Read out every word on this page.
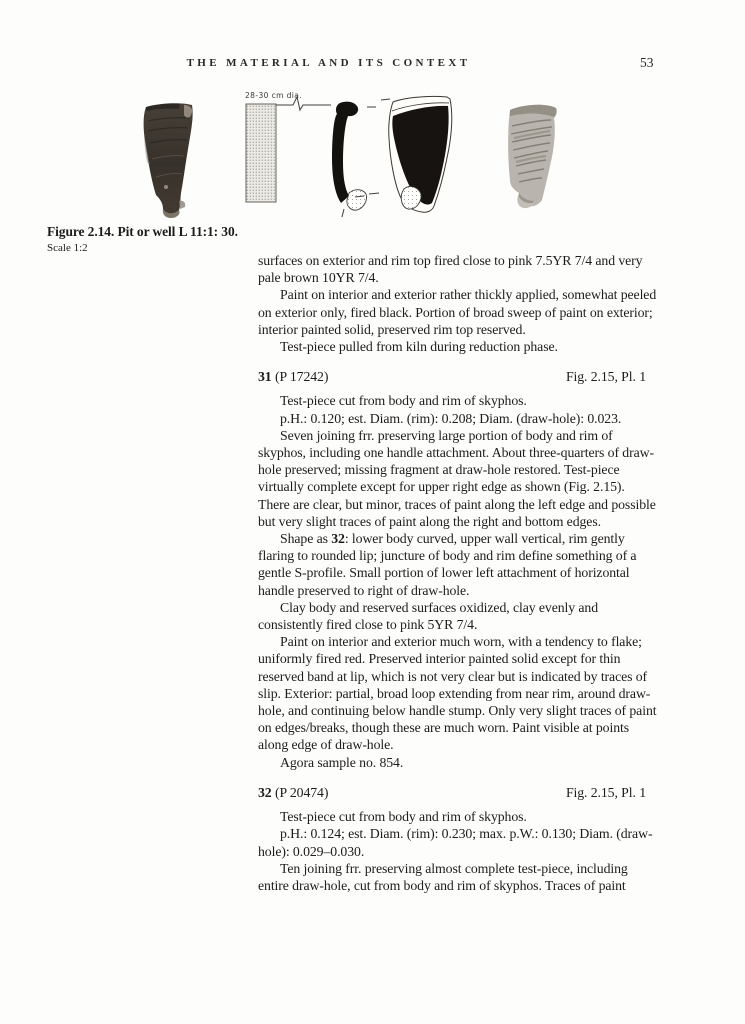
THE MATERIAL AND ITS CONTEXT	53
28-30 cm dia.
Figure 2.14. Pit or well L 11:1: 30.
Scale 1:2

surfaces on exterior and rim top fired close to pink 7.5YR 7/4 and very pale brown 10YR 7/4.

Paint on interior and exterior rather thickly applied, somewhat peeled on exterior only, fired black. Portion of broad sweep of paint on exterior; interior painted solid, preserved rim top reserved.

Test-piece pulled from kiln during reduction phase.

31 (P 17242)	Fig. 2.15, Pl. 1

Test-piece cut from body and rim of skyphos.

p.H.: 0.120; est. Diam. (rim): 0.208; Diam. (draw-hole): 0.023.

Seven joining frr. preserving large portion of body and rim of skyphos, including one handle attachment. About three-quarters of draw-hole preserved; missing fragment at draw-hole restored. Test-piece virtually complete except for upper right edge as shown (Fig. 2.15). There are clear, but minor, traces of paint along the left edge and possible but very slight traces of paint along the right and bottom edges.

Shape as 32: lower body curved, upper wall vertical, rim gently flaring to rounded lip; juncture of body and rim define something of a gentle S-profile. Small portion of lower left attachment of horizontal handle preserved to right of draw-hole.

Clay body and reserved surfaces oxidized, clay evenly and consistently fired close to pink 5YR 7/4.

Paint on interior and exterior much worn, with a tendency to flake; uniformly fired red. Preserved interior painted solid except for thin reserved band at lip, which is not very clear but is indicated by traces of slip. Exterior: partial, broad loop extending from near rim, around draw-hole, and continuing below handle stump. Only very slight traces of paint on edges/breaks, though these are much worn. Paint visible at points along edge of draw-hole.

Agora sample no. 854.

32 (P 20474)	Fig. 2.15, Pl. 1

Test-piece cut from body and rim of skyphos.

p.H.: 0.124; est. Diam. (rim): 0.230; max. p.W.: 0.130; Diam. (draw-hole): 0.029–0.030.

Ten joining frr. preserving almost complete test-piece, including entire draw-hole, cut from body and rim of skyphos. Traces of paint
